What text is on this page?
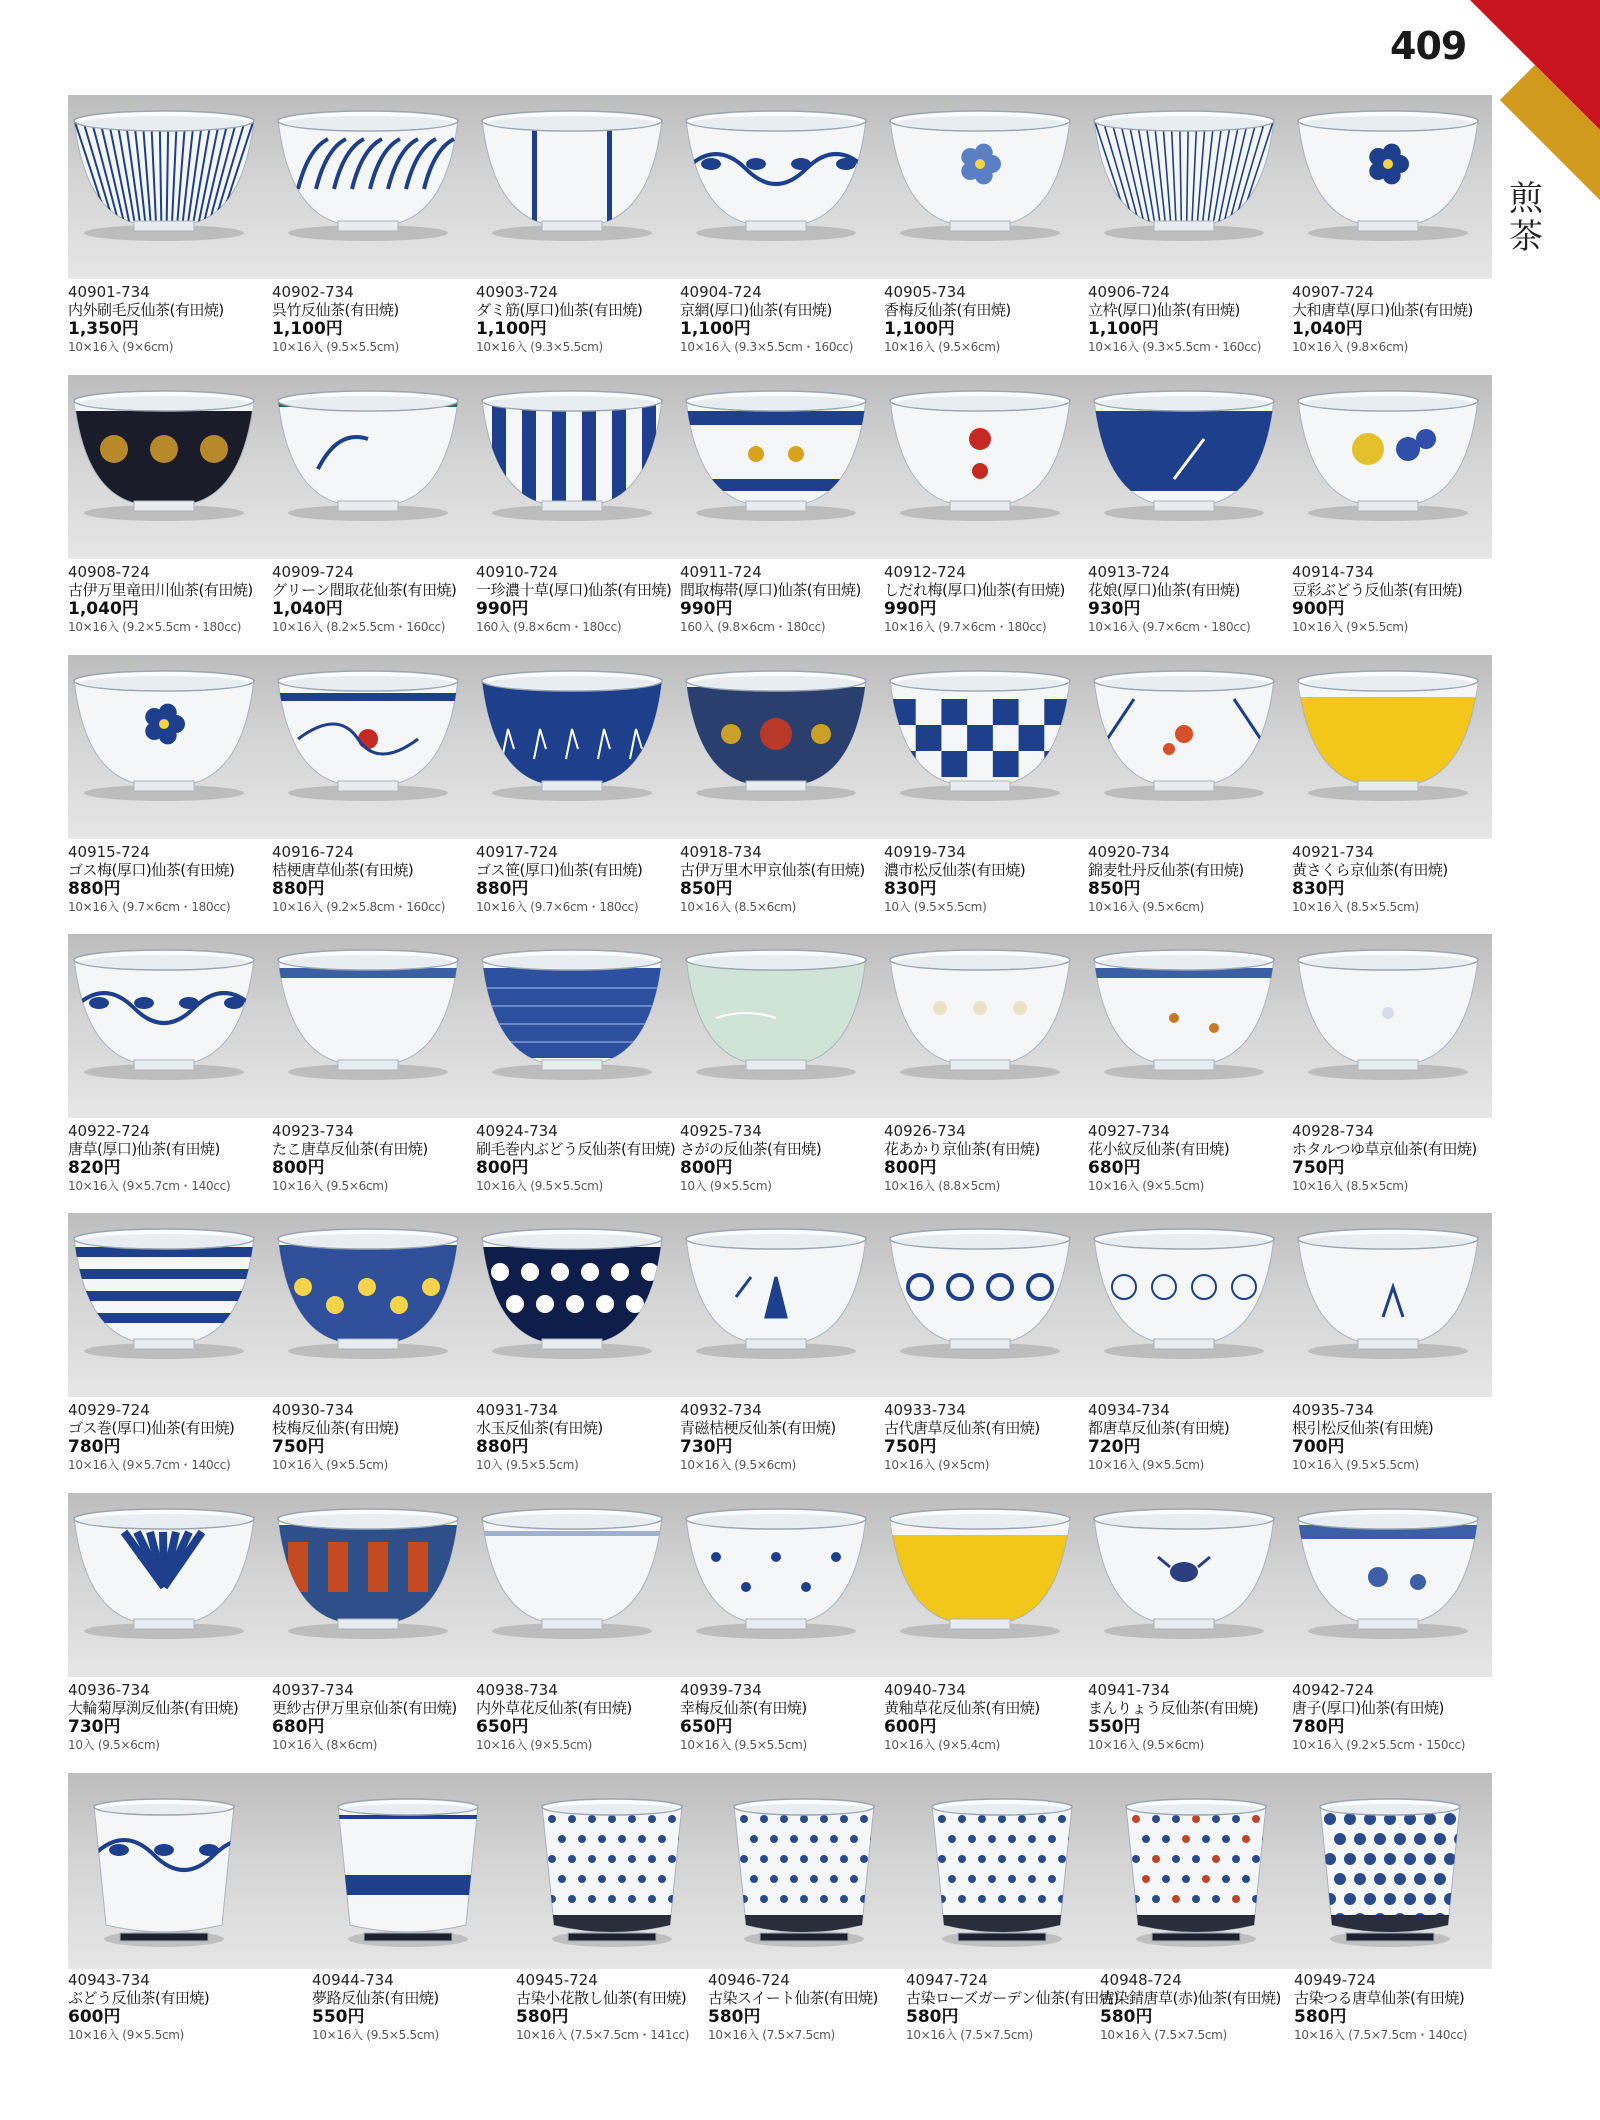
409
煎茶
40901-734
内外刷毛反仙茶(有田焼)
1,350円
10×16入 (9×6cm)
40902-734
呉竹反仙茶(有田焼)
1,100円
10×16入 (9.5×5.5cm)
40903-724
ダミ筋(厚口)仙茶(有田焼)
1,100円
10×16入 (9.3×5.5cm)
40904-724
京網(厚口)仙茶(有田焼)
1,100円
10×16入 (9.3×5.5cm・160cc)
40905-734
香梅反仙茶(有田焼)
1,100円
10×16入 (9.5×6cm)
40906-724
立枠(厚口)仙茶(有田焼)
1,100円
10×16入 (9.3×5.5cm・160cc)
40907-724
大和唐草(厚口)仙茶(有田焼)
1,040円
10×16入 (9.8×6cm)
40908-724
古伊万里竜田川仙茶(有田焼)
1,040円
10×16入 (9.2×5.5cm・180cc)
40909-724
グリーン間取花仙茶(有田焼)
1,040円
10×16入 (8.2×5.5cm・160cc)
40910-724
一珍濃十草(厚口)仙茶(有田焼)
990円
160入 (9.8×6cm・180cc)
40911-724
間取梅帯(厚口)仙茶(有田焼)
990円
160入 (9.8×6cm・180cc)
40912-724
しだれ梅(厚口)仙茶(有田焼)
990円
10×16入 (9.7×6cm・180cc)
40913-724
花娘(厚口)仙茶(有田焼)
930円
10×16入 (9.7×6cm・180cc)
40914-734
豆彩ぶどう反仙茶(有田焼)
900円
10×16入 (9×5.5cm)
40915-724
ゴス梅(厚口)仙茶(有田焼)
880円
10×16入 (9.7×6cm・180cc)
40916-724
桔梗唐草仙茶(有田焼)
880円
10×16入 (9.2×5.8cm・160cc)
40917-724
ゴス笹(厚口)仙茶(有田焼)
880円
10×16入 (9.7×6cm・180cc)
40918-734
古伊万里木甲京仙茶(有田焼)
850円
10×16入 (8.5×6cm)
40919-734
濃市松反仙茶(有田焼)
830円
10入 (9.5×5.5cm)
40920-734
錦麦牡丹反仙茶(有田焼)
850円
10×16入 (9.5×6cm)
40921-734
黄さくら京仙茶(有田焼)
830円
10×16入 (8.5×5.5cm)
40922-724
唐草(厚口)仙茶(有田焼)
820円
10×16入 (9×5.7cm・140cc)
40923-734
たこ唐草反仙茶(有田焼)
800円
10×16入 (9.5×6cm)
40924-734
刷毛巻内ぶどう反仙茶(有田焼)
800円
10×16入 (9.5×5.5cm)
40925-734
さがの反仙茶(有田焼)
800円
10入 (9×5.5cm)
40926-734
花あかり京仙茶(有田焼)
800円
10×16入 (8.8×5cm)
40927-734
花小紋反仙茶(有田焼)
680円
10×16入 (9×5.5cm)
40928-734
ホタルつゆ草京仙茶(有田焼)
750円
10×16入 (8.5×5cm)
40929-724
ゴス巻(厚口)仙茶(有田焼)
780円
10×16入 (9×5.7cm・140cc)
40930-734
枝梅反仙茶(有田焼)
750円
10×16入 (9×5.5cm)
40931-734
水玉反仙茶(有田焼)
880円
10入 (9.5×5.5cm)
40932-734
青磁桔梗反仙茶(有田焼)
730円
10×16入 (9.5×6cm)
40933-734
古代唐草反仙茶(有田焼)
750円
10×16入 (9×5cm)
40934-734
都唐草反仙茶(有田焼)
720円
10×16入 (9×5.5cm)
40935-734
根引松反仙茶(有田焼)
700円
10×16入 (9.5×5.5cm)
40936-734
大輪菊厚渕反仙茶(有田焼)
730円
10入 (9.5×6cm)
40937-734
更紗古伊万里京仙茶(有田焼)
680円
10×16入 (8×6cm)
40938-734
内外草花反仙茶(有田焼)
650円
10×16入 (9×5.5cm)
40939-734
幸梅反仙茶(有田焼)
650円
10×16入 (9.5×5.5cm)
40940-734
黄釉草花反仙茶(有田焼)
600円
10×16入 (9×5.4cm)
40941-734
まんりょう反仙茶(有田焼)
550円
10×16入 (9.5×6cm)
40942-724
唐子(厚口)仙茶(有田焼)
780円
10×16入 (9.2×5.5cm・150cc)
40943-734
ぶどう反仙茶(有田焼)
600円
10×16入 (9×5.5cm)
40944-734
夢路反仙茶(有田焼)
550円
10×16入 (9.5×5.5cm)
40945-724
古染小花散し仙茶(有田焼)
580円
10×16入 (7.5×7.5cm・141cc)
40946-724
古染スイート仙茶(有田焼)
580円
10×16入 (7.5×7.5cm)
40947-724
古染ローズガーデン仙茶(有田焼)
580円
10×16入 (7.5×7.5cm)
40948-724
古染錆唐草(赤)仙茶(有田焼)
580円
10×16入 (7.5×7.5cm)
40949-724
古染つる唐草仙茶(有田焼)
580円
10×16入 (7.5×7.5cm・140cc)
